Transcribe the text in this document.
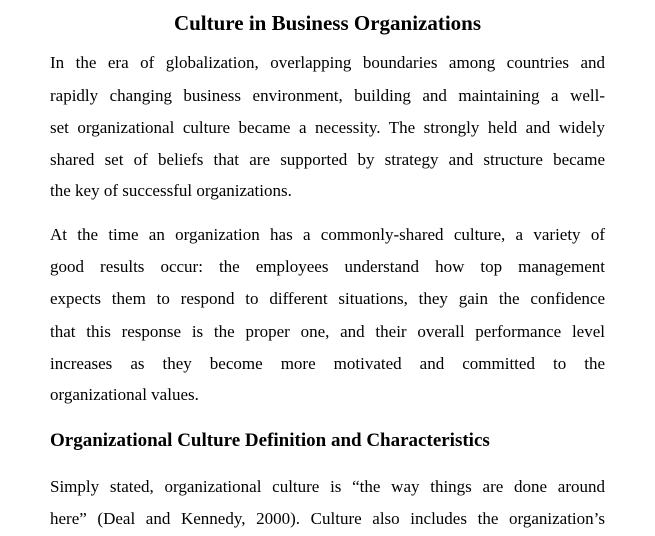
Culture in Business Organizations

In the era of globalization, overlapping boundaries among countries and

rapidly changing business environment, building and maintaining a well-

set organizational culture became a necessity. The strongly held and widely

shared set of beliefs that are supported by strategy and structure became

the key of successful organizations.

At the time an organization has a commonly-shared culture, a variety of

good results occur: the employees understand how top management

expects them to respond to different situations, they gain the confidence

that this response is the proper one, and their overall performance level

increases as they become more motivated and committed to the

organizational values.

Organizational Culture Definition and Characteristics

Simply stated, organizational culture is “the way things are done around

here” (Deal and Kennedy, 2000). Culture also includes the organization’s
